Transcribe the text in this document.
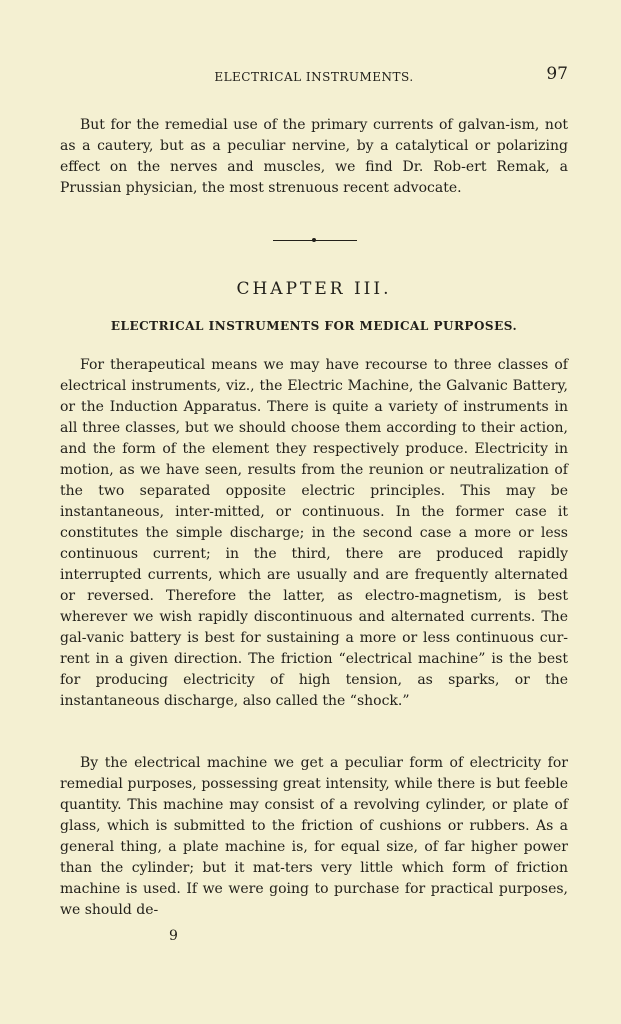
ELECTRICAL INSTRUMENTS.	97

But for the remedial use of the primary currents of galvan-ism, not as a cautery, but as a peculiar nervine, by a catalytical or polarizing effect on the nerves and muscles, we find Dr. Rob-ert Remak, a Prussian physician, the most strenuous recent advocate.

CHAPTER III.
ELECTRICAL INSTRUMENTS FOR MEDICAL PURPOSES.

For therapeutical means we may have recourse to three classes of electrical instruments, viz., the Electric Machine, the Galvanic Battery, or the Induction Apparatus. There is quite a variety of instruments in all three classes, but we should choose them according to their action, and the form of the element they respectively produce. Electricity in motion, as we have seen, results from the reunion or neutralization of the two separated opposite electric principles. This may be instantaneous, inter-mitted, or continuous. In the former case it constitutes the simple discharge; in the second case a more or less continuous current; in the third, there are produced rapidly interrupted currents, which are usually and are frequently alternated or reversed. Therefore the latter, as electro-magnetism, is best wherever we wish rapidly discontinuous and alternated currents. The gal-vanic battery is best for sustaining a more or less continuous cur-rent in a given direction. The friction “electrical machine” is the best for producing electricity of high tension, as sparks, or the instantaneous discharge, also called the “shock.”

By the electrical machine we get a peculiar form of electricity for remedial purposes, possessing great intensity, while there is but feeble quantity. This machine may consist of a revolving cylinder, or plate of glass, which is submitted to the friction of cushions or rubbers. As a general thing, a plate machine is, for equal size, of far higher power than the cylinder; but it mat-ters very little which form of friction machine is used. If we were going to purchase for practical purposes, we should de-

9
